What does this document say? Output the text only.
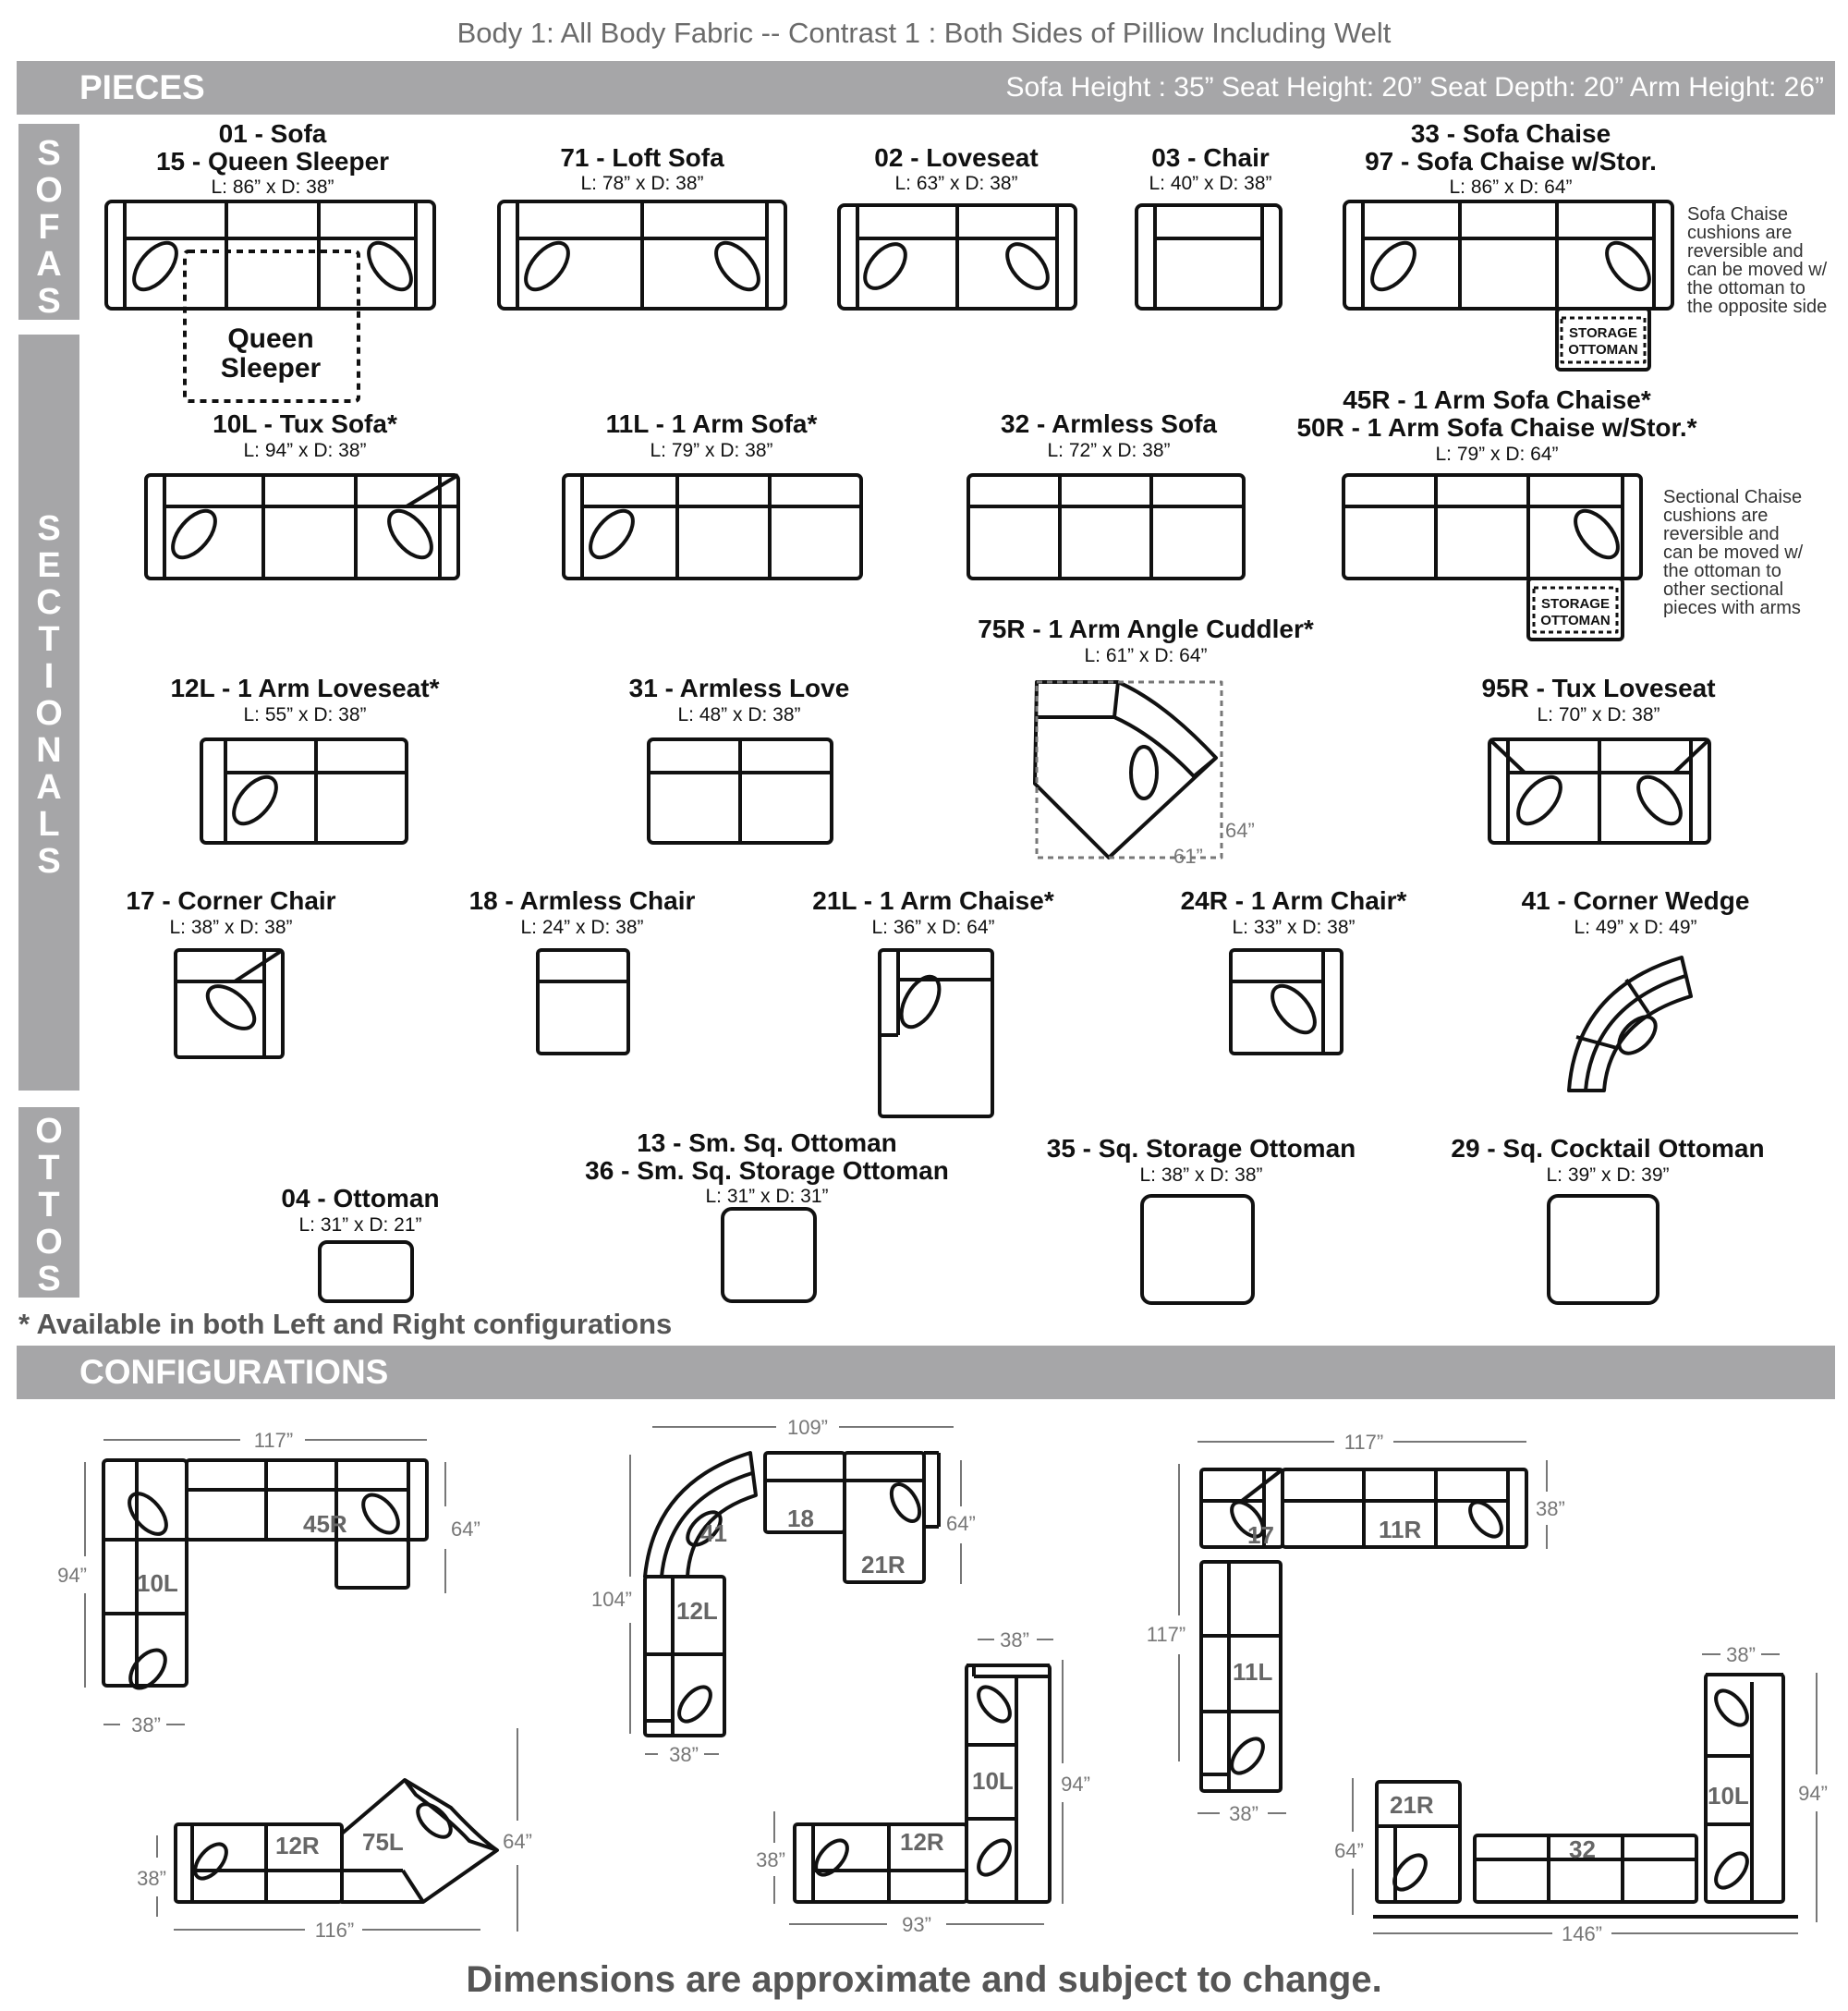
Body 1: All Body Fabric -- Contrast 1 : Both Sides of Pilliow Including Welt
PIECES	Sofa Height : 35” Seat Height: 20” Seat Depth: 20” Arm Height: 26”
S
O
F
A
S
S
E
C
T
I
O
N
A
L
S
O
T
T
O
S
01 - Sofa
15 - Queen Sleeper
L: 86” x D: 38”
71 - Loft Sofa
L: 78” x D: 38”
02 - Loveseat
L: 63” x D: 38”
03 - Chair
L: 40” x D: 38”
33 - Sofa Chaise
97 - Sofa Chaise w/Stor.
L: 86” x D: 64”
Sofa Chaise
cushions are
reversible and
can be moved w/
the ottoman to
the opposite side
Queen
Sleeper
STORAGE
OTTOMAN
10L - Tux Sofa*
L: 94” x D: 38”
11L - 1 Arm Sofa*
L: 79” x D: 38”
32 - Armless Sofa
L: 72” x D: 38”
45R - 1 Arm Sofa Chaise*
50R - 1 Arm Sofa Chaise w/Stor.*
L: 79” x D: 64”
Sectional Chaise
cushions are
reversible and
can be moved w/
the ottoman to
other sectional
pieces with arms
STORAGE
OTTOMAN
75R - 1 Arm Angle Cuddler*
L: 61” x D: 64”
12L - 1 Arm Loveseat*
L: 55” x D: 38”
31 - Armless Love
L: 48” x D: 38”
95R - Tux Loveseat
L: 70” x D: 38”
64”
61”
17 - Corner Chair
L: 38” x D: 38”
18 - Armless Chair
L: 24” x D: 38”
21L - 1 Arm Chaise*
L: 36” x D: 64”
24R - 1 Arm Chair*
L: 33” x D: 38”
41 - Corner Wedge
L: 49” x D: 49”
04 - Ottoman
L: 31” x D: 21”
13 - Sm. Sq. Ottoman
36 - Sm. Sq. Storage Ottoman
L: 31” x D: 31”
35 - Sq. Storage Ottoman
L: 38” x D: 38”
29 - Sq. Cocktail Ottoman
L: 39” x D: 39”
* Available in both Left and Right configurations
CONFIGURATIONS
45R
10L
41
18
21R
12L
17	11R
11L
12R 75L	12R
10L
21R
32
10L
117”
94”
64”
38”
109”
104”
64”
38”
117”
117”
38”
38”
116”
38”
64”
93”
38”
94”
38”
146”
64”
94”
38”
Dimensions are approximate and subject to change.
